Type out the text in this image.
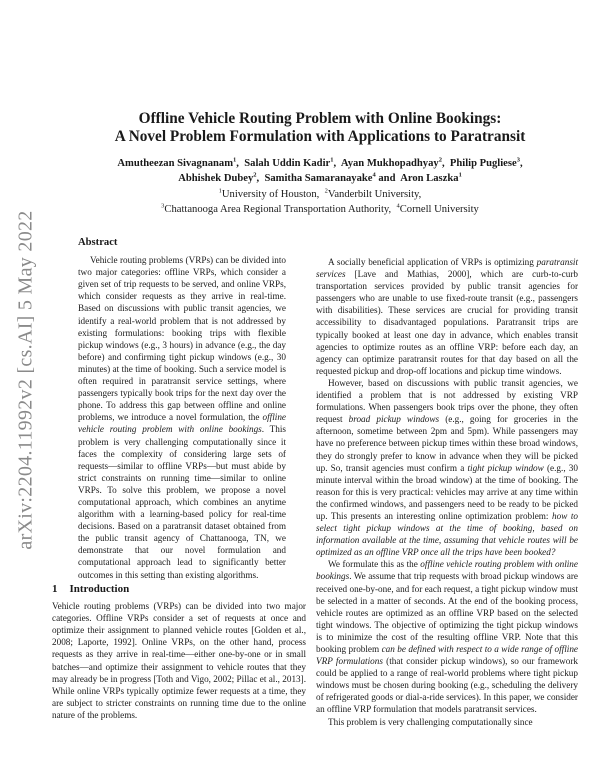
arXiv:2204.11992v2 [cs.AI] 5 May 2022
Offline Vehicle Routing Problem with Online Bookings:
A Novel Problem Formulation with Applications to Paratransit
Amutheezan Sivagnanam$^1$,  Salah Uddin Kadir$^1$,  Ayan Mukhopadhyay$^2$,  Philip Pugliese$^3$,
Abhishek Dubey$^2$,  Samitha Samaranayake$^4$ and  Aron Laszka$^1$
$^1$University of Houston,  $^2$Vanderbilt University,
$^3$Chattanooga Area Regional Transportation Authority,  $^4$Cornell University

Abstract

Vehicle routing problems (VRPs) can be divided into two major categories: offline VRPs, which consider a given set of trip requests to be served, and online VRPs, which consider requests as they arrive in real-time. Based on discussions with public transit agencies, we identify a real-world problem that is not addressed by existing formulations: booking trips with flexible pickup windows (e.g., 3 hours) in advance (e.g., the day before) and confirming tight pickup windows (e.g., 30 minutes) at the time of booking. Such a service model is often required in paratransit service settings, where passengers typically book trips for the next day over the phone. To address this gap between offline and online problems, we introduce a novel formulation, the offline vehicle routing problem with online bookings. This problem is very challenging computationally since it faces the complexity of considering large sets of requests—similar to offline VRPs—but must abide by strict constraints on running time—similar to online VRPs. To solve this problem, we propose a novel computational approach, which combines an anytime algorithm with a learning-based policy for real-time decisions. Based on a paratransit dataset obtained from the public transit agency of Chattanooga, TN, we demonstrate that our novel formulation and computational approach lead to significantly better outcomes in this setting than existing algorithms.

1 Introduction

Vehicle routing problems (VRPs) can be divided into two major categories. Offline VRPs consider a set of requests at once and optimize their assignment to planned vehicle routes [Golden et al., 2008; Laporte, 1992]. Online VRPs, on the other hand, process requests as they arrive in real-time—either one-by-one or in small batches—and optimize their assignment to vehicle routes that they may already be in progress [Toth and Vigo, 2002; Pillac et al., 2013]. While online VRPs typically optimize fewer requests at a time, they are subject to stricter constraints on running time due to the online nature of the problems.

A socially beneficial application of VRPs is optimizing paratransit services [Lave and Mathias, 2000], which are curb-to-curb transportation services provided by public transit agencies for passengers who are unable to use fixed-route transit (e.g., passengers with disabilities). These services are crucial for providing transit accessibility to disadvantaged populations. Paratransit trips are typically booked at least one day in advance, which enables transit agencies to optimize routes as an offline VRP: before each day, an agency can optimize paratransit routes for that day based on all the requested pickup and drop-off locations and pickup time windows.

However, based on discussions with public transit agencies, we identified a problem that is not addressed by existing VRP formulations. When passengers book trips over the phone, they often request broad pickup windows (e.g., going for groceries in the afternoon, sometime between 2pm and 5pm). While passengers may have no preference between pickup times within these broad windows, they do strongly prefer to know in advance when they will be picked up. So, transit agencies must confirm a tight pickup window (e.g., 30 minute interval within the broad window) at the time of booking. The reason for this is very practical: vehicles may arrive at any time within the confirmed windows, and passengers need to be ready to be picked up. This presents an interesting online optimization problem: how to select tight pickup windows at the time of booking, based on information available at the time, assuming that vehicle routes will be optimized as an offline VRP once all the trips have been booked?

We formulate this as the offline vehicle routing problem with online bookings. We assume that trip requests with broad pickup windows are received one-by-one, and for each request, a tight pickup window must be selected in a matter of seconds. At the end of the booking process, vehicle routes are optimized as an offline VRP based on the selected tight windows. The objective of optimizing the tight pickup windows is to minimize the cost of the resulting offline VRP. Note that this booking problem can be defined with respect to a wide range of offline VRP formulations (that consider pickup windows), so our framework could be applied to a range of real-world problems where tight pickup windows must be chosen during booking (e.g., scheduling the delivery of refrigerated goods or dial-a-ride services). In this paper, we consider an offline VRP formulation that models paratransit services.

This problem is very challenging computationally since
